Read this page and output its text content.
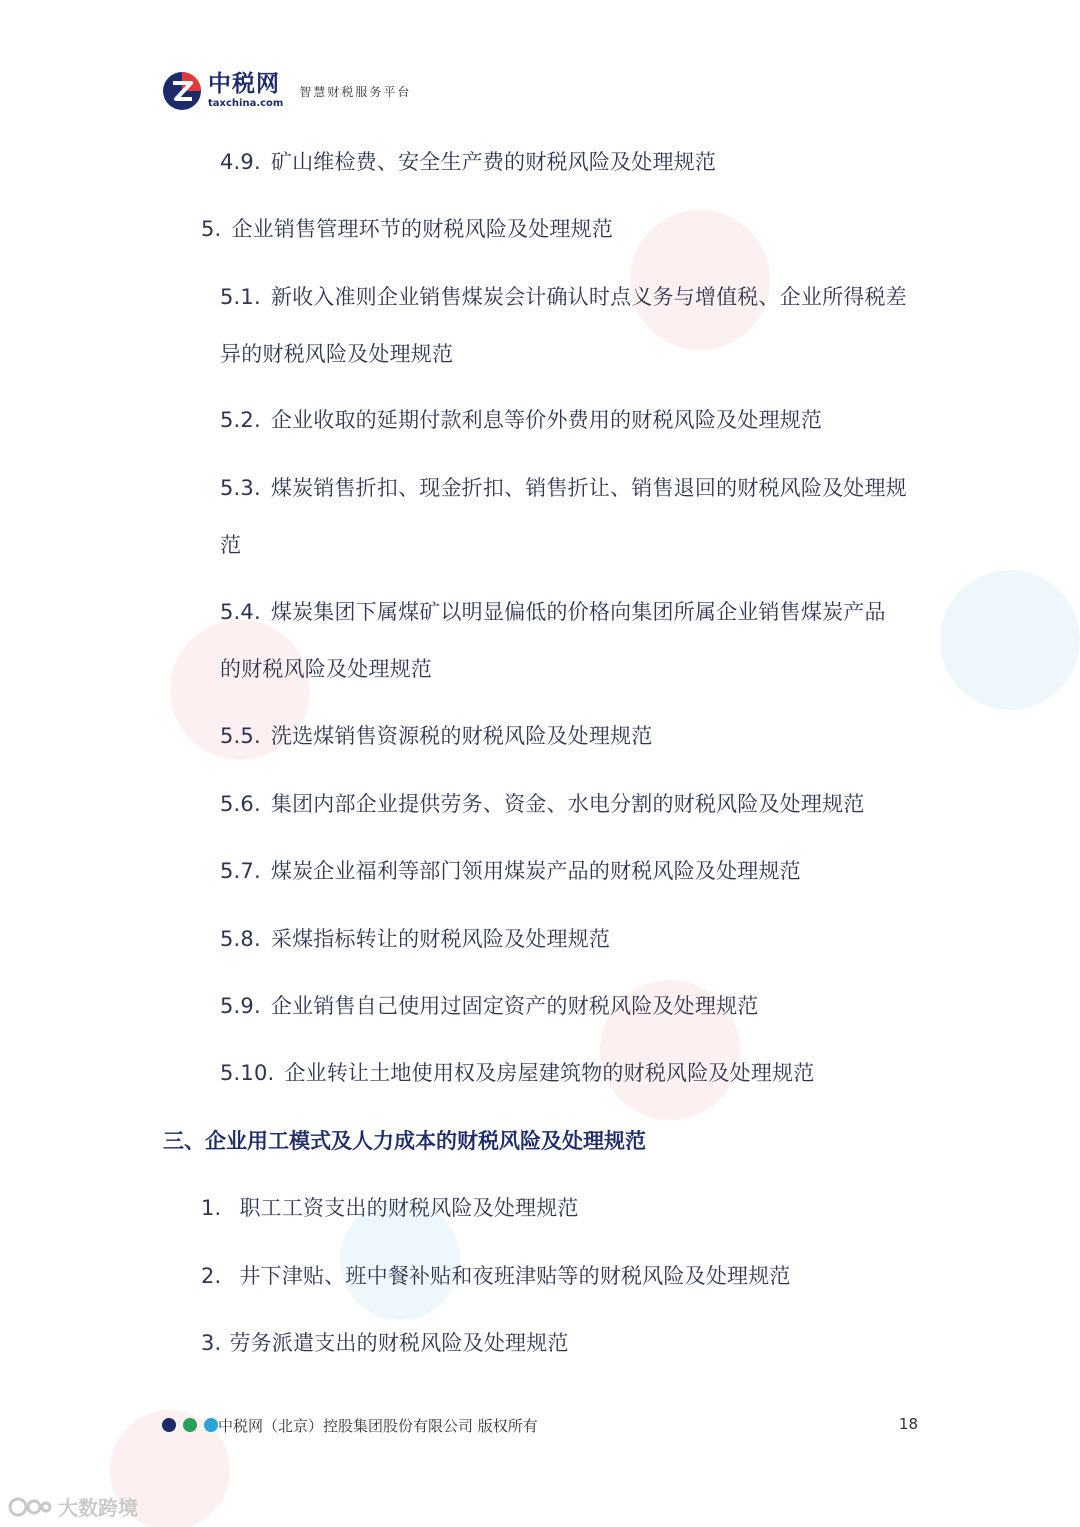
中税网
taxchina.com
智慧财税服务平台
4.9. 矿山维检费、安全生产费的财税风险及处理规范
5. 企业销售管理环节的财税风险及处理规范
5.1. 新收入准则企业销售煤炭会计确认时点义务与增值税、企业所得税差
异的财税风险及处理规范
5.2. 企业收取的延期付款利息等价外费用的财税风险及处理规范
5.3. 煤炭销售折扣、现金折扣、销售折让、销售退回的财税风险及处理规
范
5.4. 煤炭集团下属煤矿以明显偏低的价格向集团所属企业销售煤炭产品
的财税风险及处理规范
5.5. 洗选煤销售资源税的财税风险及处理规范
5.6. 集团内部企业提供劳务、资金、水电分割的财税风险及处理规范
5.7. 煤炭企业福利等部门领用煤炭产品的财税风险及处理规范
5.8. 采煤指标转让的财税风险及处理规范
5.9. 企业销售自己使用过固定资产的财税风险及处理规范
5.10. 企业转让土地使用权及房屋建筑物的财税风险及处理规范
三、企业用工模式及人力成本的财税风险及处理规范
1. 职工工资支出的财税风险及处理规范
2. 井下津贴、班中餐补贴和夜班津贴等的财税风险及处理规范
3. 劳务派遣支出的财税风险及处理规范
中税网（北京）控股集团股份有限公司 版权所有	18
大数跨境
